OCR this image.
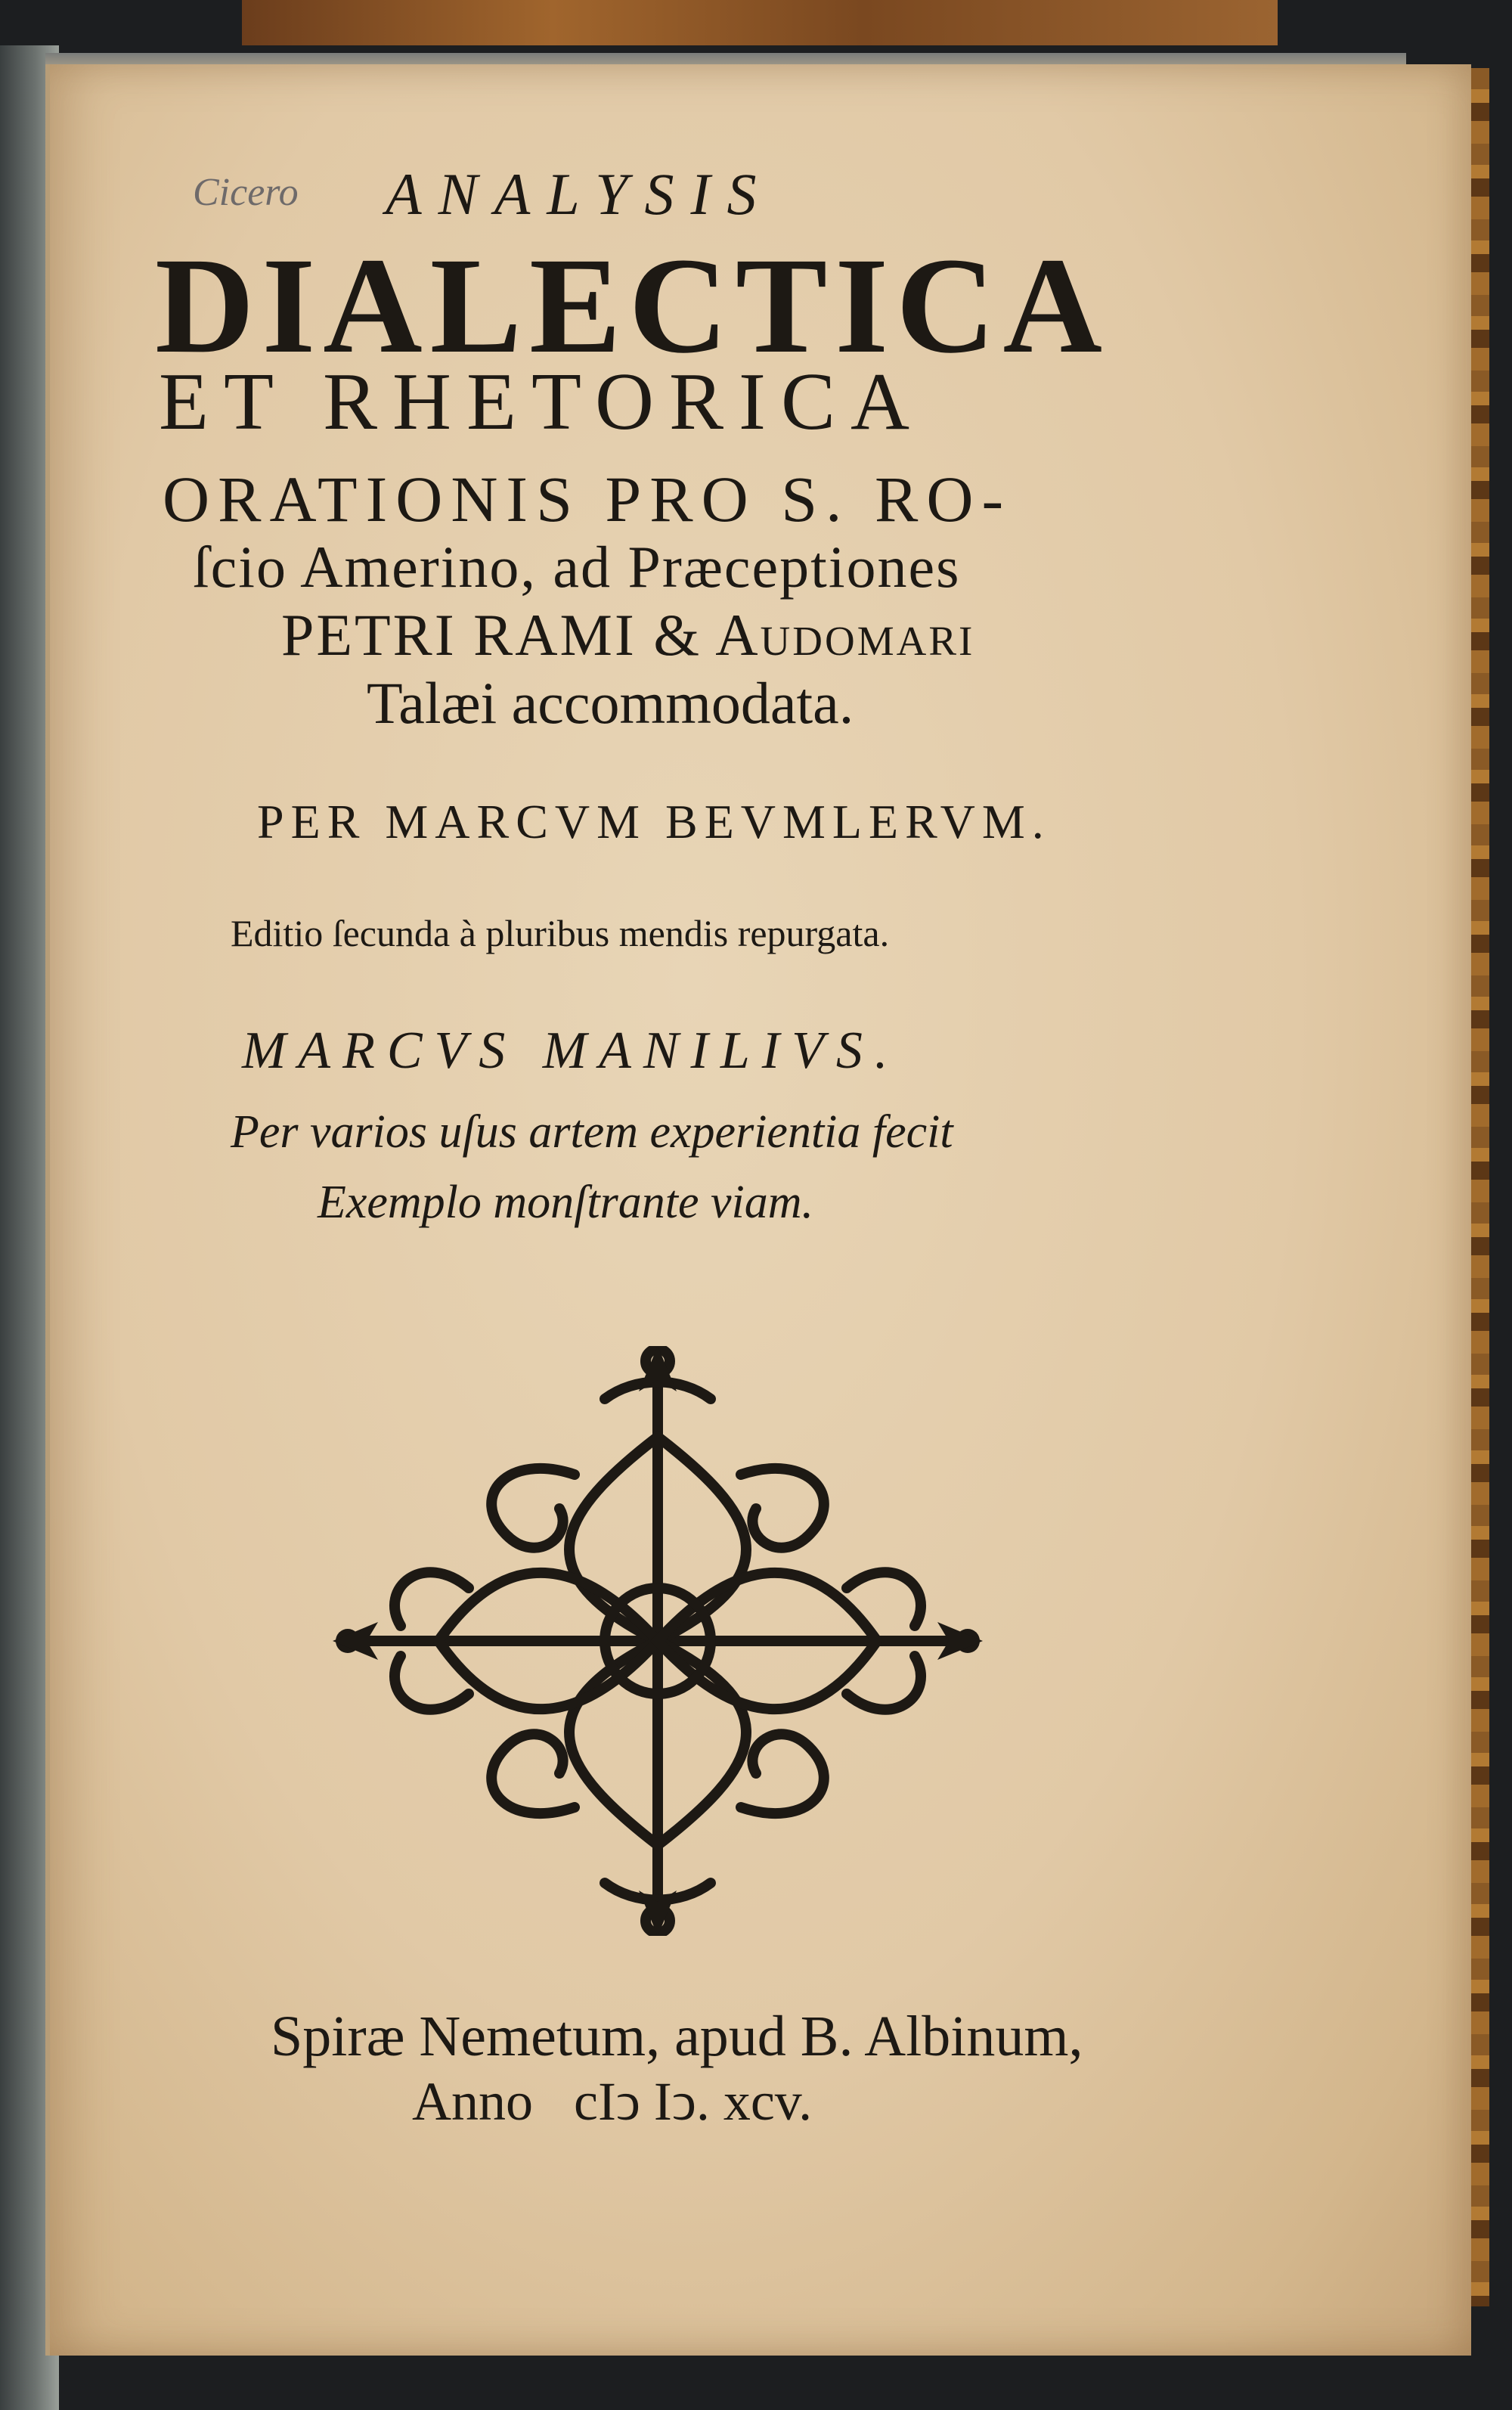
Cicero	ANALYSIS
DIALECTICA
ET RHETORICA
ORATIONIS PRO S. RO-
ſcio Amerino, ad Præceptiones
PETRI RAMI & Audomari
Talæi accommodata.
PER MARCVM BEVMLERVM.
Editio ſecunda à pluribus mendis repurgata.
MARCVS MANILIVS.
Per varios uſus artem experientia fecit
Exemplo monſtrante viam.
Spiræ Nemetum, apud B. Albinum,
Anno   cIↄ Iↄ. xcv.
